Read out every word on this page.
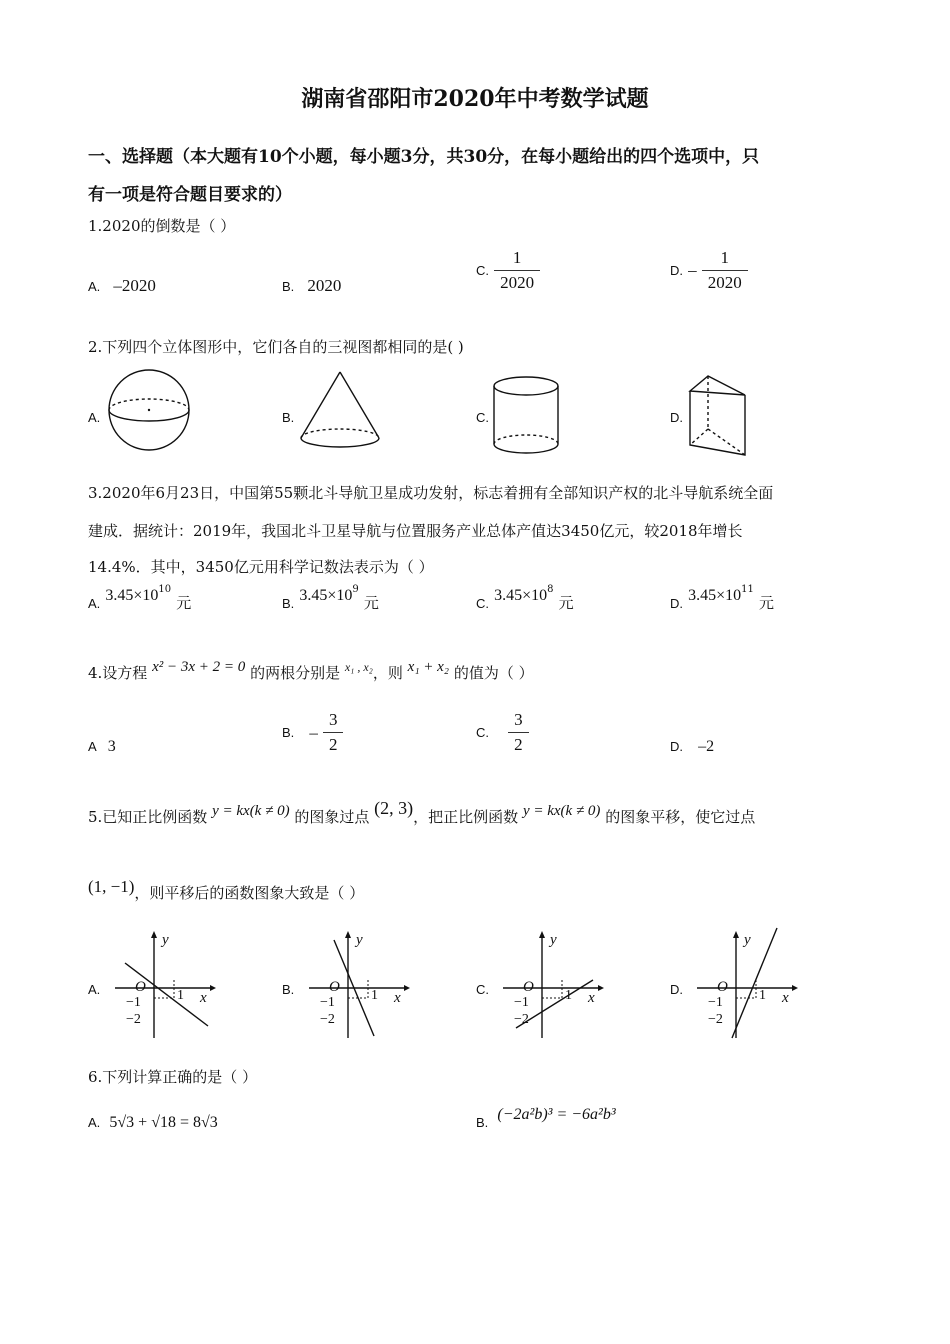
湖南省邵阳市2020年中考数学试题
一、选择题（本大题有10个小题，每小题3分，共30分，在每小题给出的四个选项中，只
有一项是符合题目要求的）
1.2020的倒数是（ ）
A. –2020	B. 2020
C. $\frac{1}{2020}$	D. – $\frac{1}{2020}$
2.下列四个立体图形中，它们各自的三视图都相同的是( )
A.	B.	C.	D.
3.2020年6月23日，中国第55颗北斗导航卫星成功发射，标志着拥有全部知识产权的北斗导航系统全面
建成．据统计：2019年，我国北斗卫星导航与位置服务产业总体产值达3450亿元，较2018年增长
14.4%．其中，3450亿元用科学记数法表示为（ ）
A. $3.45\times 10^{10}$ 元	B. $3.45\times 10^9$ 元	C. $3.45\times 10^8$ 元	D. $3.45\times 10^{11}$ 元
4.设方程 x² − 3x + 2 = 0 的两根分别是 $^{x_1 , x_2}$，则 x₁ + x₂ 的值为（ ）
A 3
B. – $\frac{3}{2}$	C. $\frac{3}{2}$	D. –2
5.已知正比例函数 y = kx(k ≠ 0) 的图象过点 (2, 3)，把正比例函数 y = kx(k ≠ 0) 的图象平移，使它过点
(1, −1)，则平移后的函数图象大致是（ ）
A.	B.	C.	D.
y
x
O
1
−1
−2
y
x
O
1
−1
−2
y
x
O
1
−1
−2
y
x
O
1
−1
−2
6.下列计算正确的是（ ）
A. 5√3 + √18 = 8√3	B. (−2a²b)³ = −6a²b³
